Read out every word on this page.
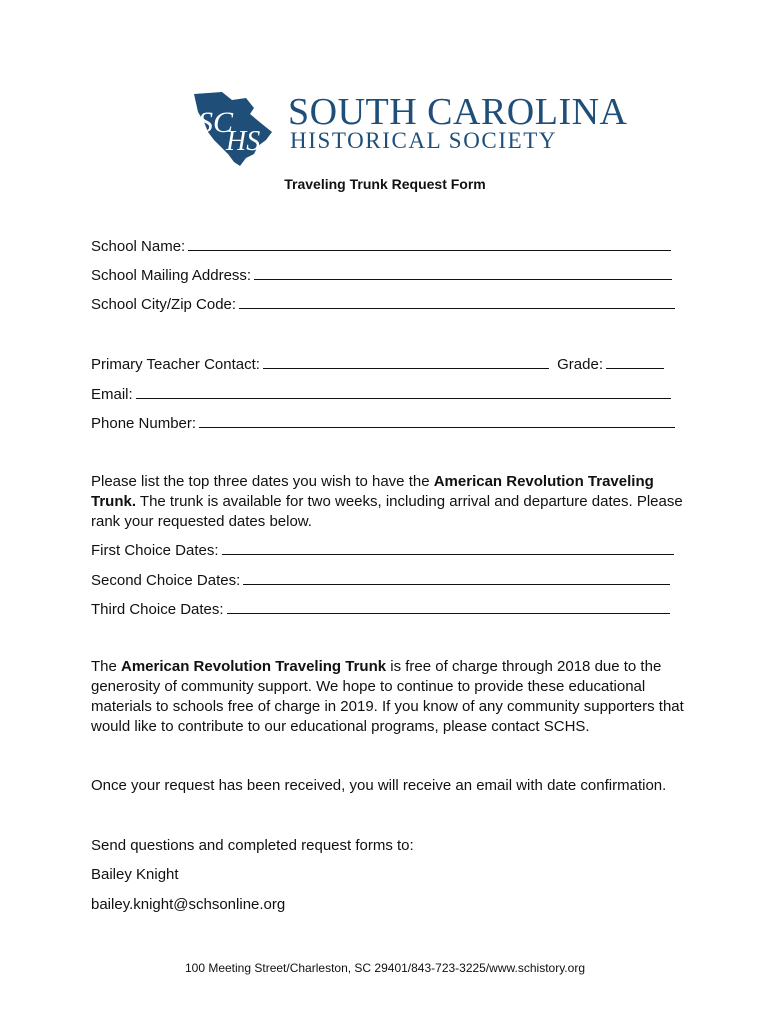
SC
HS
SOUTH CAROLINA
HISTORICAL SOCIETY
Traveling Trunk Request Form
School Name:
School Mailing Address:
School City/Zip Code:
Primary Teacher Contact:	Grade:
Email:
Phone Number:
Please list the top three dates you wish to have the American Revolution Traveling Trunk. The trunk is available for two weeks, including arrival and departure dates. Please rank your requested dates below.
First Choice Dates:
Second Choice Dates:
Third Choice Dates:
The American Revolution Traveling Trunk is free of charge through 2018 due to the generosity of community support. We hope to continue to provide these educational materials to schools free of charge in 2019. If you know of any community supporters that would like to contribute to our educational programs, please contact SCHS.
Once your request has been received, you will receive an email with date confirmation.
Send questions and completed request forms to:
Bailey Knight
bailey.knight@schsonline.org
100 Meeting Street/Charleston, SC 29401/843-723-3225/www.schistory.org
